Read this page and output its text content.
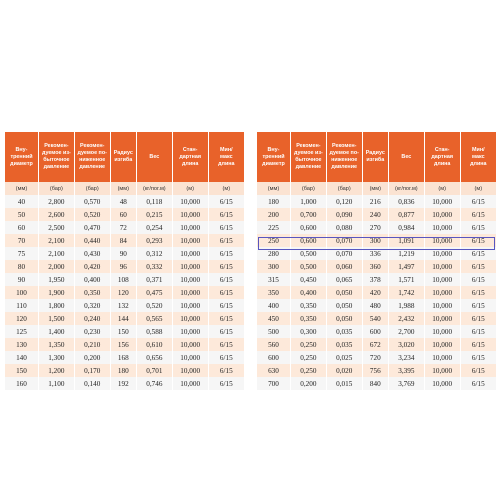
Вну-
тренний
диаметр	Рекомен-
дуемое из-
быточное
давление	Рекомен-
дуемое по-
ниженное
давление	Радиус
изгиба	Вес	Стан-
дартная
длина	Мин/
макс
длина
(мм)	(бар)	(бар)	(мм)	(кг/пог.м)	(м)	(м)
40	2,800	0,570	48	0,118	10,000	6/15
50	2,600	0,520	60	0,215	10,000	6/15
60	2,500	0,470	72	0,254	10,000	6/15
70	2,100	0,440	84	0,293	10,000	6/15
75	2,100	0,430	90	0,312	10,000	6/15
80	2,000	0,420	96	0,332	10,000	6/15
90	1,950	0,400	108	0,371	10,000	6/15
100	1,900	0,350	120	0,475	10,000	6/15
110	1,800	0,320	132	0,520	10,000	6/15
120	1,500	0,240	144	0,565	10,000	6/15
125	1,400	0,230	150	0,588	10,000	6/15
130	1,350	0,210	156	0,610	10,000	6/15
140	1,300	0,200	168	0,656	10,000	6/15
150	1,200	0,170	180	0,701	10,000	6/15
160	1,100	0,140	192	0,746	10,000	6/15
Вну-
тренний
диаметр	Рекомен-
дуемое из-
быточное
давление	Рекомен-
дуемое по-
ниженное
давление	Радиус
изгиба	Вес	Стан-
дартная
длина	Мин/
макс
длина
(мм)	(бар)	(бар)	(мм)	(кг/пог.м)	(м)	(м)
180	1,000	0,120	216	0,836	10,000	6/15
200	0,700	0,090	240	0,877	10,000	6/15
225	0,600	0,080	270	0,984	10,000	6/15
250	0,600	0,070	300	1,091	10,000	6/15
280	0,500	0,070	336	1,219	10,000	6/15
300	0,500	0,060	360	1,497	10,000	6/15
315	0,450	0,065	378	1,571	10,000	6/15
350	0,400	0,050	420	1,742	10,000	6/15
400	0,350	0,050	480	1,988	10,000	6/15
450	0,350	0,050	540	2,432	10,000	6/15
500	0,300	0,035	600	2,700	10,000	6/15
560	0,250	0,035	672	3,020	10,000	6/15
600	0,250	0,025	720	3,234	10,000	6/15
630	0,250	0,020	756	3,395	10,000	6/15
700	0,200	0,015	840	3,769	10,000	6/15
